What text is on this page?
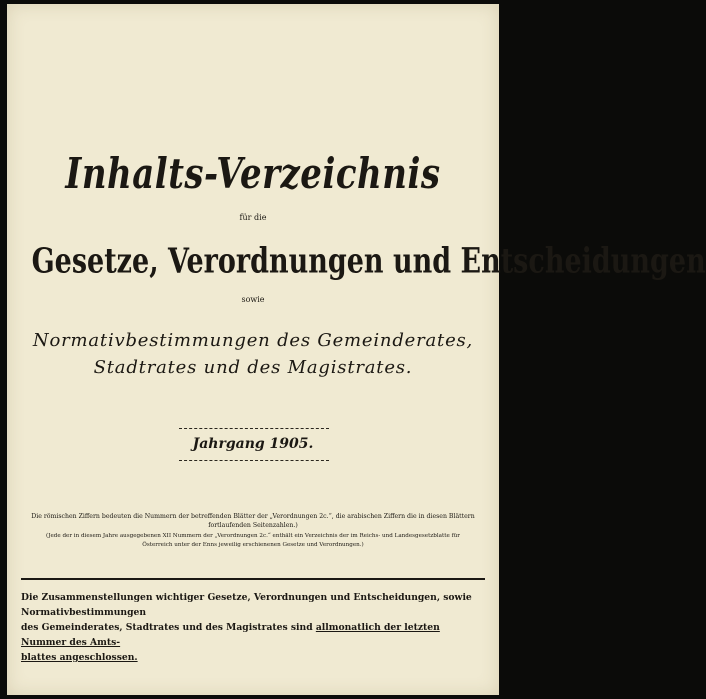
Inhalts-Verzeichnis
für die
Gesetze, Verordnungen und Entscheidungen
sowie
Normativbestimmungen des Gemeinderates,
Stadtrates und des Magistrates.
Jahrgang 1905.
Die römischen Ziffern bedeuten die Nummern der betreffenden Blätter der „Verordnungen 2c.“, die arabischen Ziffern die in diesen Blättern
fortlaufenden Seitenzahlen.)
(Jede der in diesem Jahre ausgegebenen XII Nummern der „Verordnungen 2c.“ enthält ein Verzeichnis der im Reichs- und Landesgesetzblatte für
Österreich unter der Enns jeweilig erschienenen Gesetze und Verordnungen.)
Die Zusammenstellungen wichtiger Gesetze, Verordnungen und Entscheidungen, sowie Normativbestimmungen
des Gemeinderates, Stadtrates und des Magistrates sind allmonatlich der letzten Nummer des Amts-
blattes angeschlossen.
